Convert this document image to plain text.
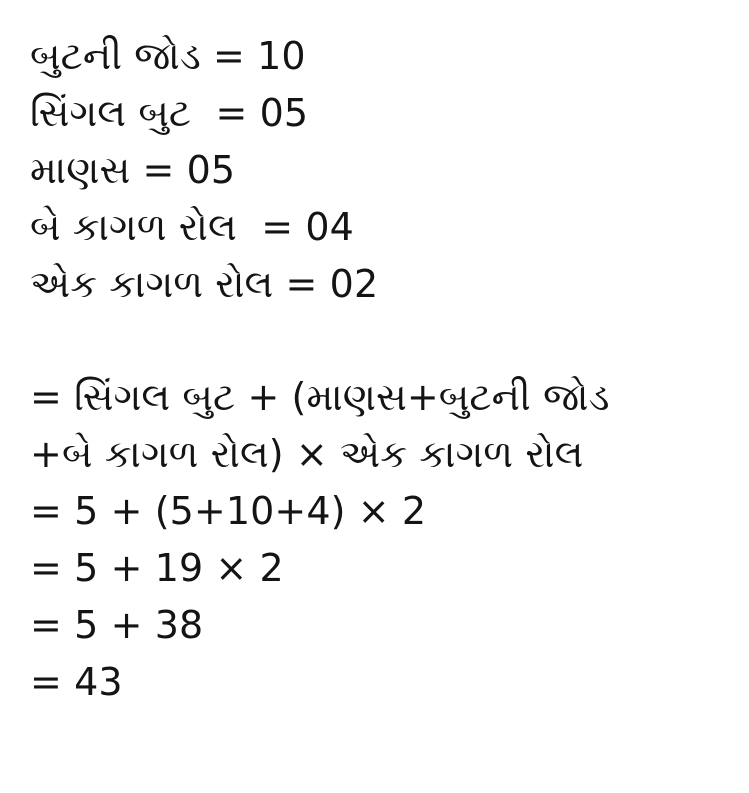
બુટની જોડ = 10
સિંગલ બુટ  = 05
માણસ = 05
બે કાગળ રોલ  = 04
એક કાગળ રોલ = 02
= સિંગલ બુટ + (માણસ+બુટની જોડ
+બે કાગળ રોલ) × એક કાગળ રોલ
= 5 + (5+10+4) × 2
= 5 + 19 × 2
= 5 + 38
= 43
